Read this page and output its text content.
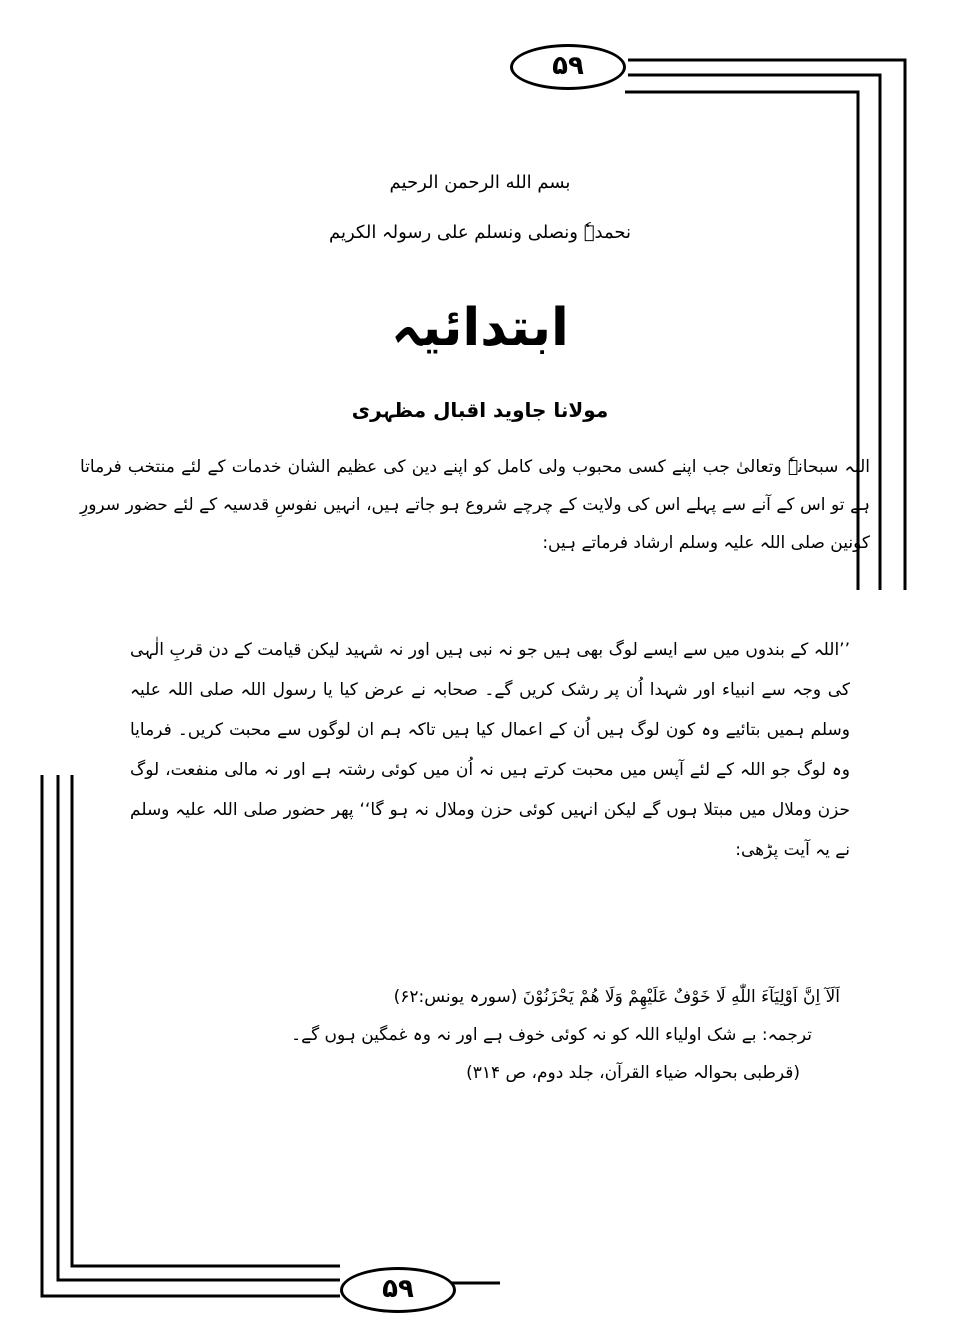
۵۹
۵۹
بسم الله الرحمن الرحیم
نحمدہٗ ونصلی ونسلم علی رسولہ الکریم
ابتدائیہ
مولانا جاوید اقبال مظہری
اللہ سبحانہٗ وتعالیٰ جب اپنے کسی محبوب ولی کامل کو اپنے دین کی عظیم الشان خدمات کے لئے منتخب فرماتا ہے تو اس کے آنے سے پہلے اس کی ولایت کے چرچے شروع ہو جاتے ہیں، انہیں نفوسِ قدسیہ کے لئے حضور سرورِ کونین صلی اللہ علیہ وسلم ارشاد فرماتے ہیں:
’’اللہ کے بندوں میں سے ایسے لوگ بھی ہیں جو نہ نبی ہیں اور نہ شہید لیکن قیامت کے دن قربِ الٰہی کی وجہ سے انبیاء اور شہدا اُن پر رشک کریں گے۔ صحابہ نے عرض کیا یا رسول اللہ صلی اللہ علیہ وسلم ہمیں بتائیے وہ کون لوگ ہیں اُن کے اعمال کیا ہیں تاکہ ہم ان لوگوں سے محبت کریں۔ فرمایا وہ لوگ جو اللہ کے لئے آپس میں محبت کرتے ہیں نہ اُن میں کوئی رشتہ ہے اور نہ مالی منفعت، لوگ حزن وملال میں مبتلا ہوں گے لیکن انہیں کوئی حزن وملال نہ ہو گا‘‘ پھر حضور صلی اللہ علیہ وسلم نے یہ آیت پڑھی:
اَلَآ اِنَّ اَوْلِيَآءَ اللّٰهِ لَا خَوْفٌ عَلَيْهِمْ وَلَا هُمْ يَحْزَنُوْنَ (سورہ یونس:۶۲)
ترجمہ: بے شک اولیاء اللہ کو نہ کوئی خوف ہے اور نہ وہ غمگین ہوں گے۔
(قرطبی بحوالہ ضیاء القرآن، جلد دوم، ص ۳۱۴)
